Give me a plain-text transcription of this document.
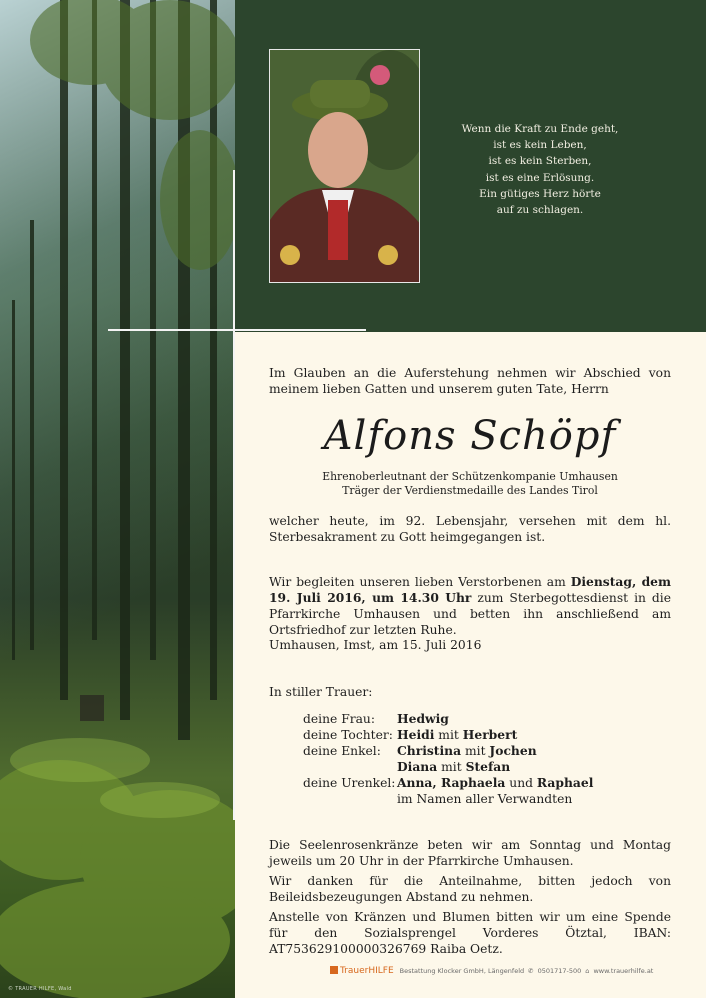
© TRAUER HILFE, Wald
Wenn die Kraft zu Ende geht,
ist es kein Leben,
ist es kein Sterben,
ist es eine Erlösung.
Ein gütiges Herz hörte
auf zu schlagen.

Im Glauben an die Auferstehung nehmen wir Abschied von meinem lieben Gatten und unserem guten Tate, Herrn

Alfons Schöpf
Ehrenoberleutnant der Schützenkompanie Umhausen
Träger der Verdienstmedaille des Landes Tirol

welcher heute, im 92. Lebensjahr, versehen mit dem hl. Sterbesakrament zu Gott heimgegangen ist.

Wir begleiten unseren lieben Verstorbenen am Dienstag, dem 19. Juli 2016, um 14.30 Uhr zum Sterbegottesdienst in die Pfarrkirche Umhausen und betten ihn anschließend am Ortsfriedhof zur letzten Ruhe.

Umhausen, Imst, am 15. Juli 2016

In stiller Trauer:

deine Frau: Hedwig
deine Tochter: Heidi mit Herbert
deine Enkel: Christina mit Jochen
Diana mit Stefan
deine Urenkel: Anna, Raphaela und Raphael
im Namen aller Verwandten

Die Seelenrosenkränze beten wir am Sonntag und Montag jeweils um 20 Uhr in der Pfarrkirche Umhausen.

Wir danken für die Anteilnahme, bitten jedoch von Beileidsbezeugungen Abstand zu nehmen.

Anstelle von Kränzen und Blumen bitten wir um eine Spende für den Sozialsprengel Vorderes Ötztal, IBAN: AT753629100000326769 Raiba Oetz.

TrauerHILFE Bestattung Klocker GmbH, Längenfeld ✆ 0501717-500 ⌂ www.trauerhilfe.at
